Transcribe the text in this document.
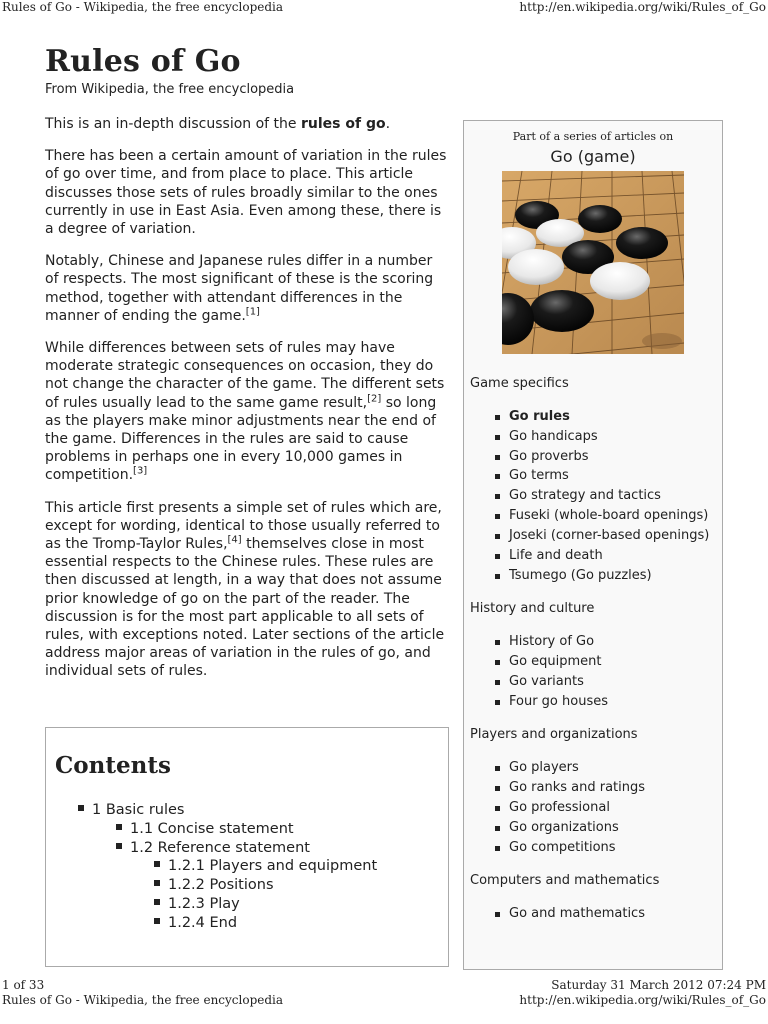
Rules of Go - Wikipedia, the free encyclopedia	http://en.wikipedia.org/wiki/Rules_of_Go
Rules of Go
From Wikipedia, the free encyclopedia

This is an in-depth discussion of the rules of go.

There has been a certain amount of variation in the rules of go over time, and from place to place. This article discusses those sets of rules broadly similar to the ones currently in use in East Asia. Even among these, there is a degree of variation.

Notably, Chinese and Japanese rules differ in a number of respects. The most significant of these is the scoring method, together with attendant differences in the manner of ending the game.[1]

While differences between sets of rules may have moderate strategic consequences on occasion, they do not change the character of the game. The different sets of rules usually lead to the same game result,[2] so long as the players make minor adjustments near the end of the game. Differences in the rules are said to cause problems in perhaps one in every 10,000 games in competition.[3]

This article first presents a simple set of rules which are, except for wording, identical to those usually referred to as the Tromp-Taylor Rules,[4] themselves close in most essential respects to the Chinese rules. These rules are then discussed at length, in a way that does not assume prior knowledge of go on the part of the reader. The discussion is for the most part applicable to all sets of rules, with exceptions noted. Later sections of the article address major areas of variation in the rules of go, and individual sets of rules.

Contents
1 Basic rules
1.1 Concise statement
1.2 Reference statement
1.2.1 Players and equipment
1.2.2 Positions
1.2.3 Play
1.2.4 End
Part of a series of articles on
Go (game)
Game specifics
Go rules
Go handicaps
Go proverbs
Go terms
Go strategy and tactics
Fuseki (whole-board openings)
Joseki (corner-based openings)
Life and death
Tsumego (Go puzzles)
History and culture
History of Go
Go equipment
Go variants
Four go houses
Players and organizations
Go players
Go ranks and ratings
Go professional
Go organizations
Go competitions
Computers and mathematics
Go and mathematics
1 of 33	Saturday 31 March 2012 07:24 PM
Rules of Go - Wikipedia, the free encyclopedia	http://en.wikipedia.org/wiki/Rules_of_Go
